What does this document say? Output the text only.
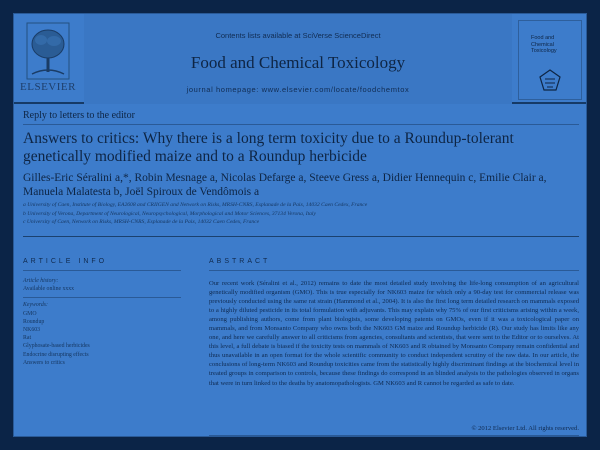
ELSEVIER
Contents lists available at SciVerse ScienceDirect
Food and Chemical Toxicology
journal homepage: www.elsevier.com/locate/foodchemtox
Food and
Chemical
Toxicology
Reply to letters to the editor
Answers to critics: Why there is a long term toxicity due to a Roundup-tolerant genetically modified maize and to a Roundup herbicide
Gilles-Eric Séralini a,*, Robin Mesnage a, Nicolas Defarge a, Steeve Gress a, Didier Hennequin c, Emilie Clair a, Manuela Malatesta b, Joël Spiroux de Vendômois a
a University of Caen, Institute of Biology, EA2608 and CRIIGEN and Network on Risks, MRSH-CNRS, Esplanade de la Paix, 14032 Caen Cedex, France
b University of Verona, Department of Neurological, Neuropsychological, Morphological and Motor Sciences, 37134 Verona, Italy
c University of Caen, Network on Risks, MRSH-CNRS, Esplanade de la Paix, 14032 Caen Cedex, France
ARTICLE INFO	ABSTRACT
Article history:
Available online xxxx
Keywords:
GMO
Roundup
NK603
Rat
Glyphosate-based herbicides
Endocrine disrupting effects
Answers to critics
Our recent work (Séralini et al., 2012) remains to date the most detailed study involving the life-long consumption of an agricultural genetically modified organism (GMO). This is true especially for NK603 maize for which only a 90-day test for commercial release was previously conducted using the same rat strain (Hammond et al., 2004). It is also the first long term detailed research on mammals exposed to a highly diluted pesticide in its total formulation with adjuvants. This may explain why 75% of our first criticisms arising within a week, among publishing authors, come from plant biologists, some developing patents on GMOs, even if it was a toxicological paper on mammals, and from Monsanto Company who owns both the NK603 GM maize and Roundup herbicide (R). Our study has limits like any one, and here we carefully answer to all criticisms from agencies, consultants and scientists, that were sent to the Editor or to ourselves. At this level, a full debate is biased if the toxicity tests on mammals of NK603 and R obtained by Monsanto Company remain confidential and thus unavailable in an open format for the whole scientific community to conduct independent scrutiny of the raw data. In our article, the conclusions of long-term NK603 and Roundup toxicities came from the statistically highly discriminant findings at the biochemical level in treated groups in comparison to controls, because these findings do correspond in an blinded analysis to the pathologies observed in organs that were in turn linked to the deaths by anatomopathologists. GM NK603 and R cannot be regarded as safe to date.
© 2012 Elsevier Ltd. All rights reserved.
